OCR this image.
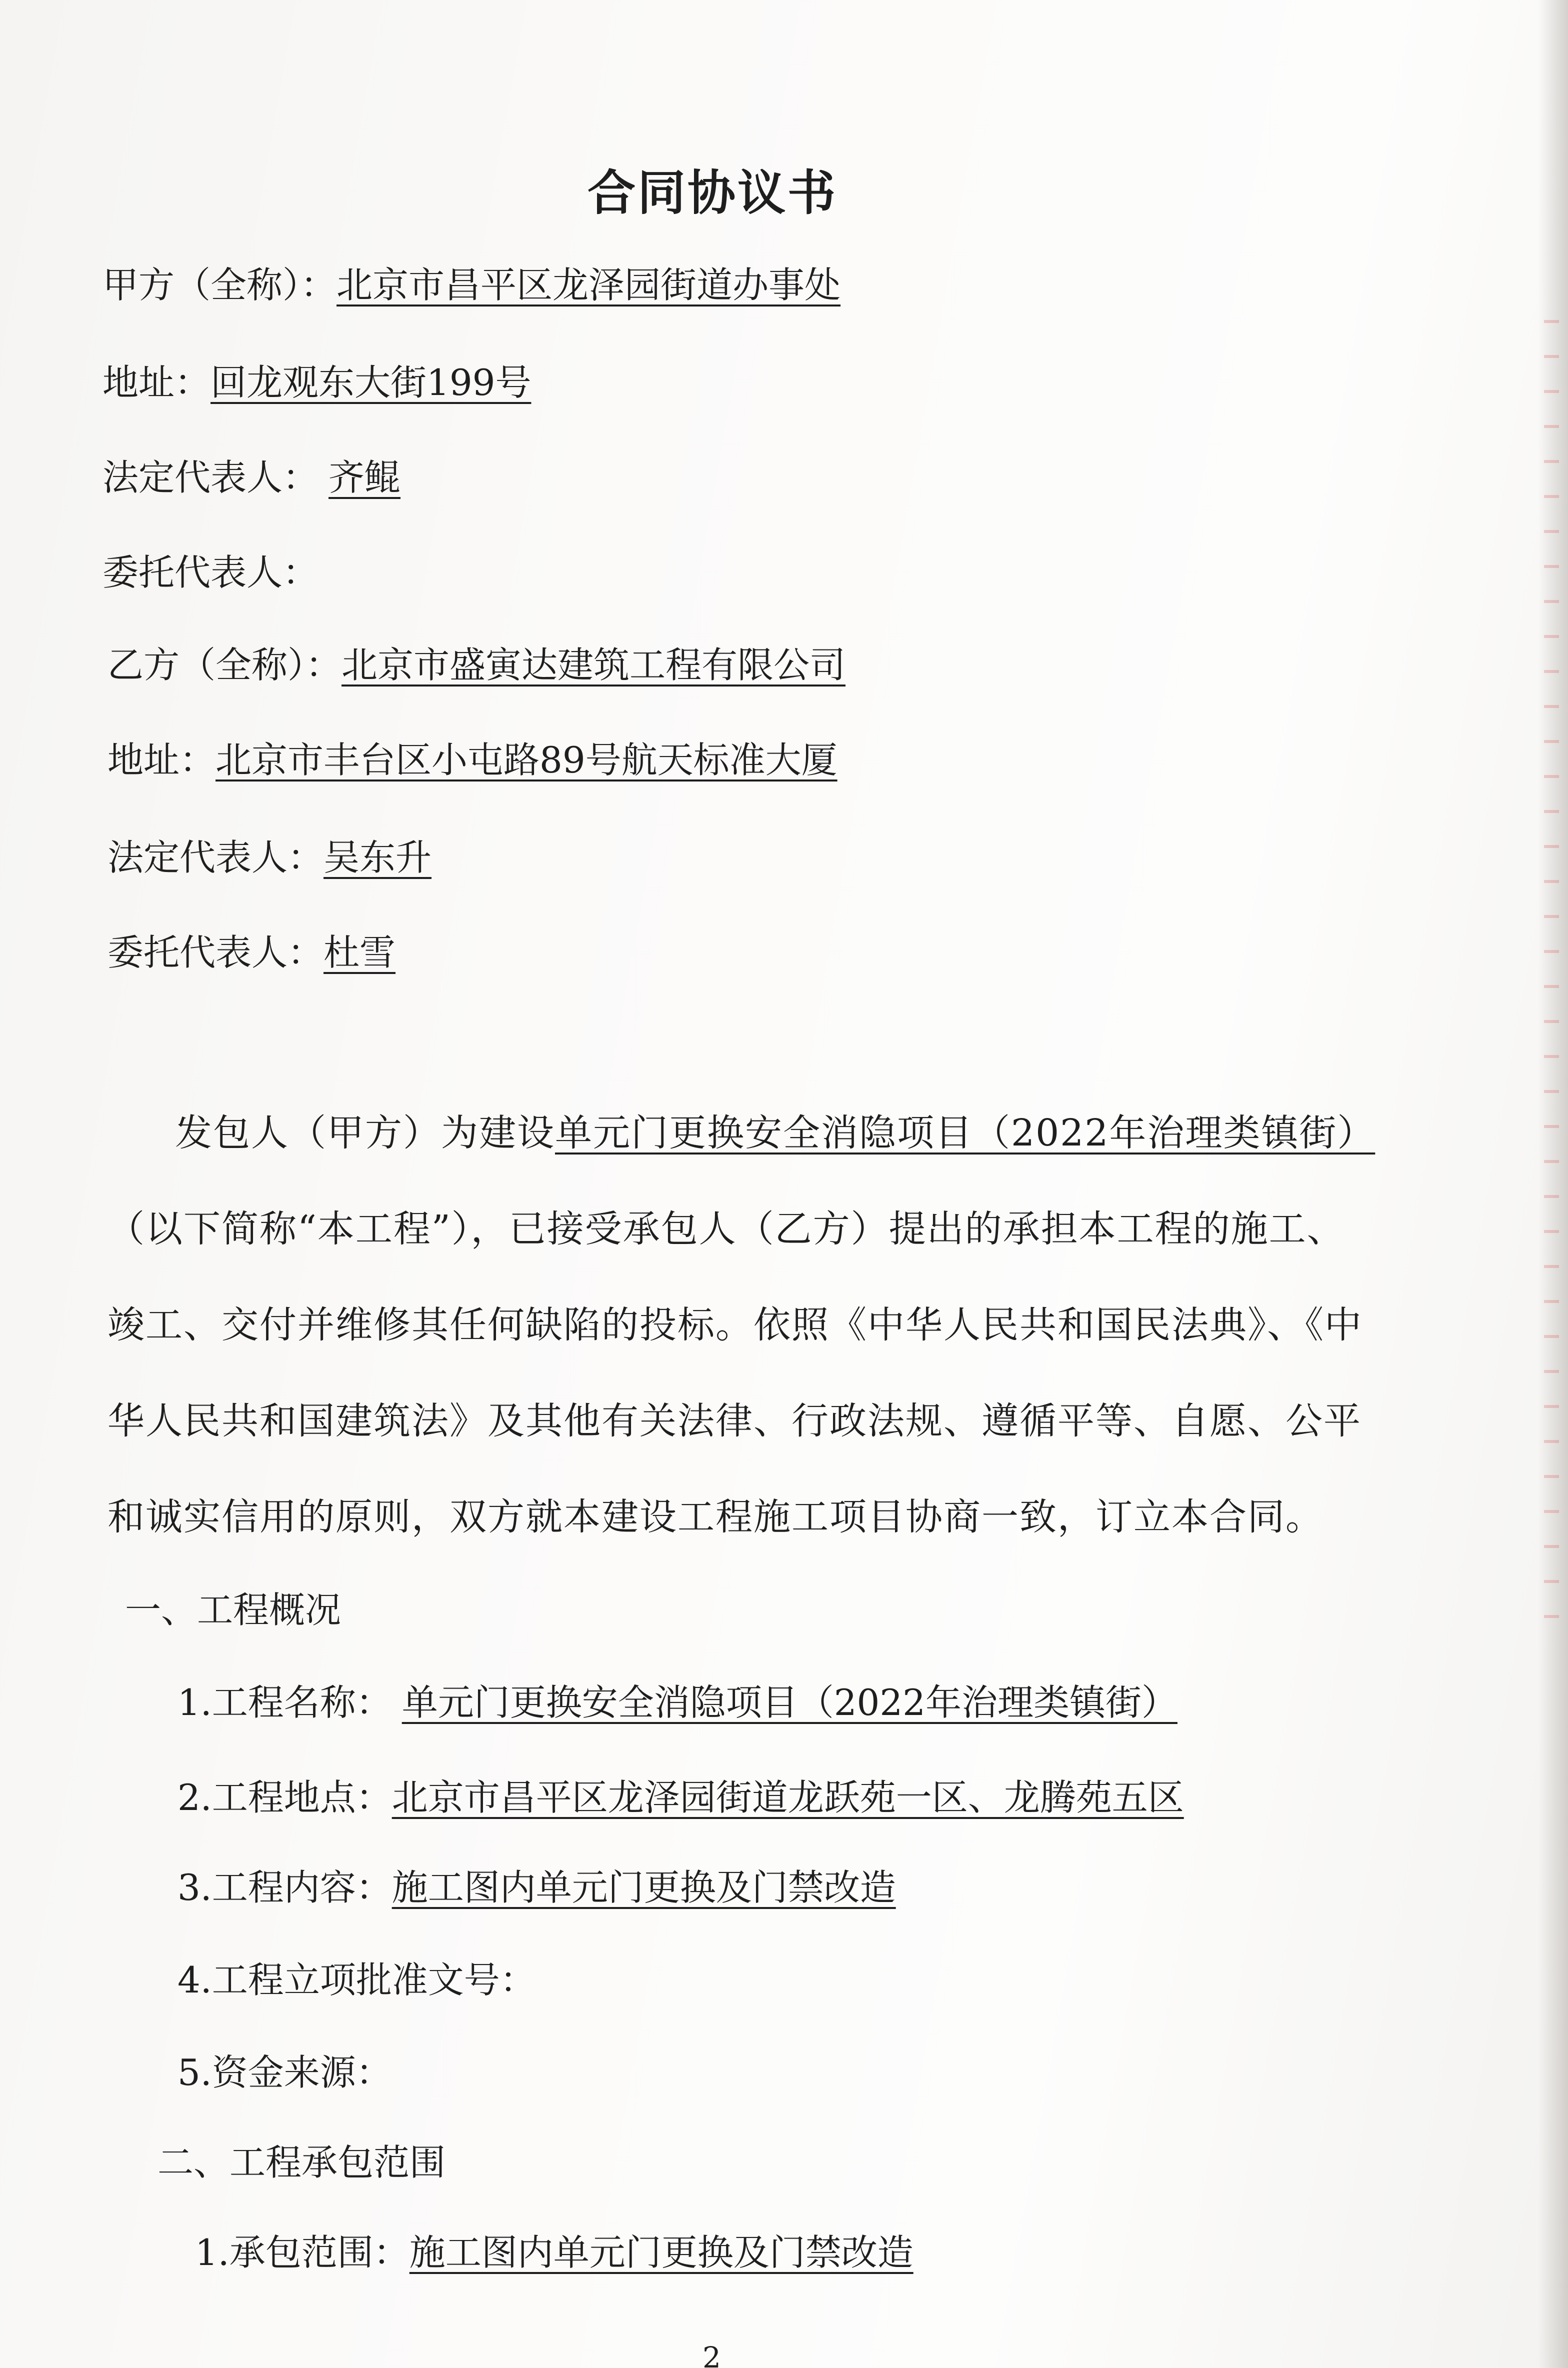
合同协议书
甲方（全称）：北京市昌平区龙泽园街道办事处
地址：回龙观东大街199号
法定代表人： 齐鲲
委托代表人：
乙方（全称）：北京市盛寅达建筑工程有限公司
地址：北京市丰台区小屯路89号航天标准大厦
法定代表人：吴东升
委托代表人：杜雪
发包人（甲方）为建设单元门更换安全消隐项目（2022年治理类镇街）
（以下简称“本工程”），已接受承包人（乙方）提出的承担本工程的施工、竣工、交付并维修其任何缺陷的投标。依照《中华人民共和国民法典》、《中华人民共和国建筑法》及其他有关法律、行政法规、遵循平等、自愿、公平和诚实信用的原则，双方就本建设工程施工项目协商一致，订立本合同。
一、工程概况
1.工程名称： 单元门更换安全消隐项目（2022年治理类镇街）
2.工程地点：北京市昌平区龙泽园街道龙跃苑一区、龙腾苑五区
3.工程内容：施工图内单元门更换及门禁改造
4.工程立项批准文号：
5.资金来源：
二、工程承包范围
1.承包范围：施工图内单元门更换及门禁改造
2
